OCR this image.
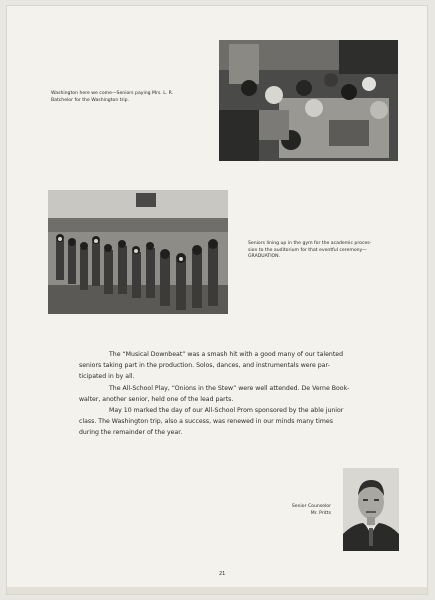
Washington here we come—Seniors paying Mrs. L. R.
Batchelor for the Washington trip.
Seniors lining up in the gym for the academic proces-
sion to the auditorium for that eventful ceremony—
GRADUATION.
The “Musical Downbeat” was a smash hit with a good many of our talented
seniors taking part in the production. Solos, dances, and instrumentals were par-
ticipated in by all.
The All-School Play, “Onions in the Stew” were well attended. De Verne Book-
walter, another senior, held one of the lead parts.
May 10 marked the day of our All-School Prom sponsored by the able junior
class. The Washington trip, also a success, was renewed in our minds many times
during the remainder of the year.
Senior Counselor
Mr. Pritts
21
